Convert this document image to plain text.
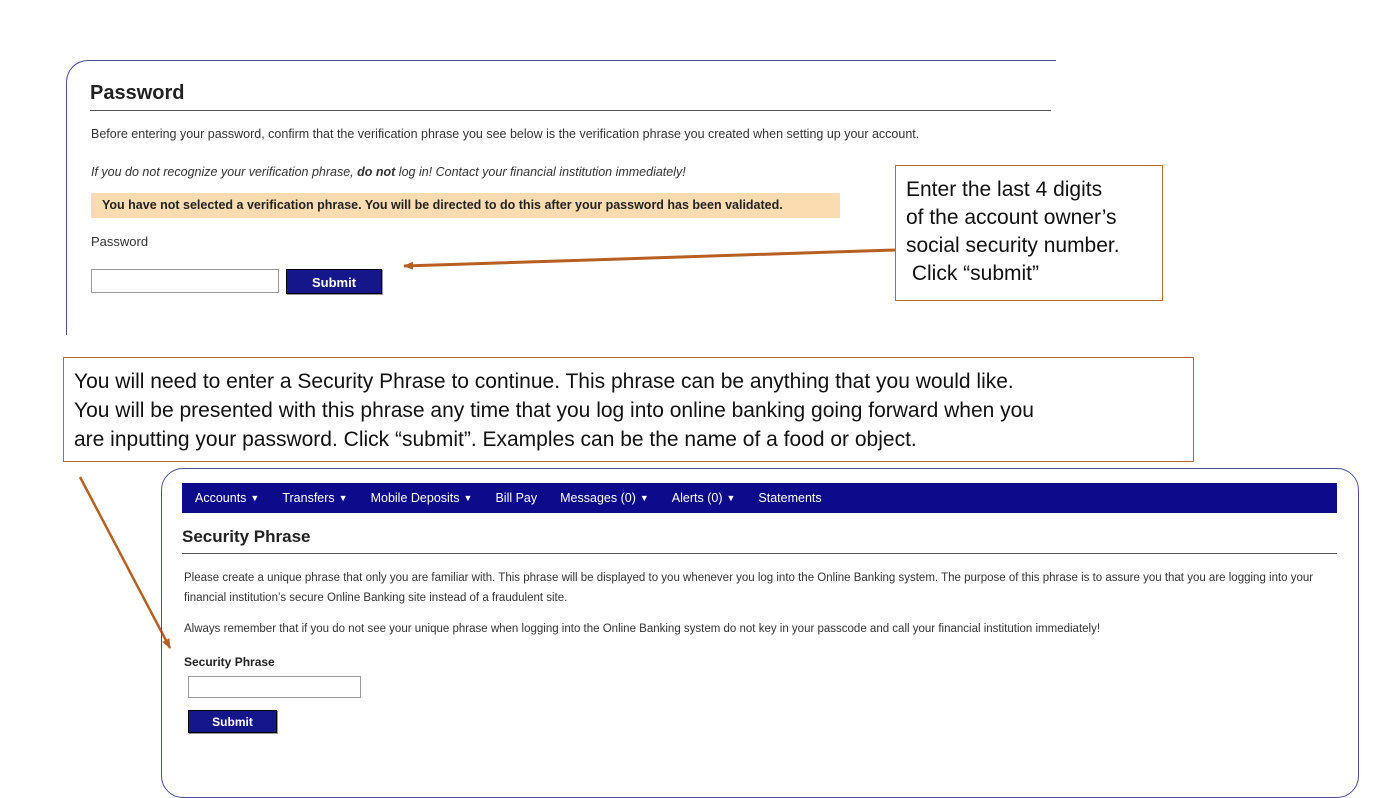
Password
Before entering your password, confirm that the verification phrase you see below is the verification phrase you created when setting up your account.
If you do not recognize your verification phrase, do not log in! Contact your financial institution immediately!
You have not selected a verification phrase. You will be directed to do this after your password has been validated.
Password
Submit
Enter the last 4 digits
of the account owner’s
social security number.
Click “submit”
You will need to enter a Security Phrase to continue. This phrase can be anything that you would like.
You will be presented with this phrase any time that you log into online banking going forward when you
are inputting your password. Click “submit”. Examples can be the name of a food or object.
Accounts ▼ Transfers ▼ Mobile Deposits ▼ Bill Pay Messages (0) ▼ Alerts (0) ▼ Statements
Security Phrase
Please create a unique phrase that only you are familiar with. This phrase will be displayed to you whenever you log into the Online Banking system. The purpose of this phrase is to assure you that you are logging into your financial institution’s secure Online Banking site instead of a fraudulent site.
Always remember that if you do not see your unique phrase when logging into the Online Banking system do not key in your passcode and call your financial institution immediately!
Security Phrase
Submit
